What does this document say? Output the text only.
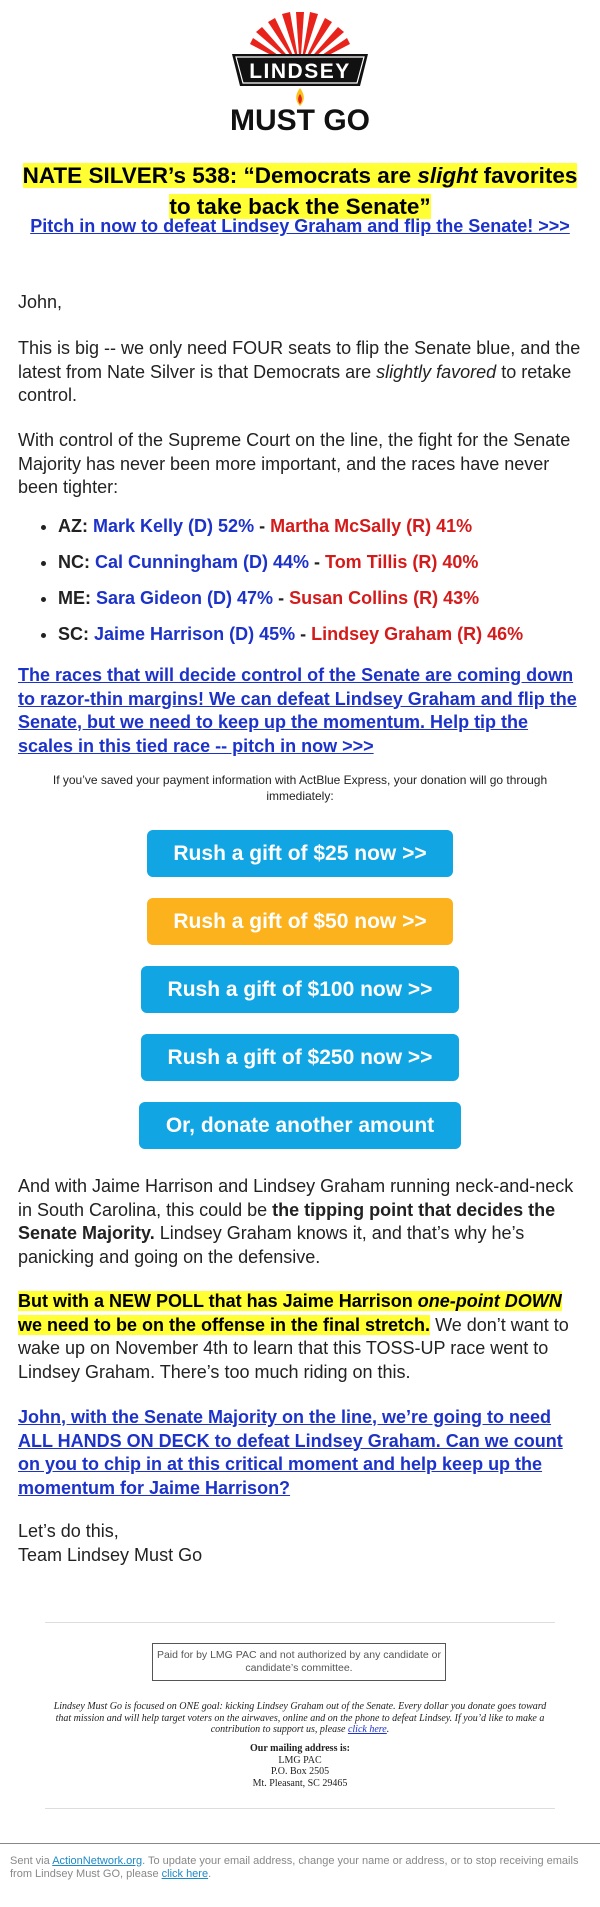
LINDSEY
MUST GO
NATE SILVER’s 538: “Democrats are slight favorites to take back the Senate”
Pitch in now to defeat Lindsey Graham and flip the Senate! >>>
John,
This is big -- we only need FOUR seats to flip the Senate blue, and the latest from Nate Silver is that Democrats are slightly favored to retake control.
With control of the Supreme Court on the line, the fight for the Senate Majority has never been more important, and the races have never been tighter:
• AZ: Mark Kelly (D) 52% - Martha McSally (R) 41%
• NC: Cal Cunningham (D) 44% - Tom Tillis (R) 40%
• ME: Sara Gideon (D) 47% - Susan Collins (R) 43%
• SC: Jaime Harrison (D) 45% - Lindsey Graham (R) 46%
The races that will decide control of the Senate are coming down to razor-thin margins! We can defeat Lindsey Graham and flip the Senate, but we need to keep up the momentum. Help tip the scales in this tied race -- pitch in now >>>
If you’ve saved your payment information with ActBlue Express, your donation will go through immediately:
Rush a gift of $25 now >>
Rush a gift of $50 now >>
Rush a gift of $100 now >>
Rush a gift of $250 now >>
Or, donate another amount
And with Jaime Harrison and Lindsey Graham running neck-and-neck in South Carolina, this could be the tipping point that decides the Senate Majority. Lindsey Graham knows it, and that’s why he’s panicking and going on the defensive.
But with a NEW POLL that has Jaime Harrison one-point DOWN we need to be on the offense in the final stretch. We don’t want to wake up on November 4th to learn that this TOSS-UP race went to Lindsey Graham. There’s too much riding on this.
John, with the Senate Majority on the line, we’re going to need ALL HANDS ON DECK to defeat Lindsey Graham. Can we count on you to chip in at this critical moment and help keep up the momentum for Jaime Harrison?
Let’s do this,
Team Lindsey Must Go
Paid for by LMG PAC and not authorized by any candidate or candidate’s committee.
Lindsey Must Go is focused on ONE goal: kicking Lindsey Graham out of the Senate. Every dollar you donate goes toward that mission and will help target voters on the airwaves, online and on the phone to defeat Lindsey. If you’d like to make a contribution to support us, please click here.
Our mailing address is:
LMG PAC
P.O. Box 2505
Mt. Pleasant, SC 29465
Sent via ActionNetwork.org. To update your email address, change your name or address, or to stop receiving emails from Lindsey Must GO, please click here.
